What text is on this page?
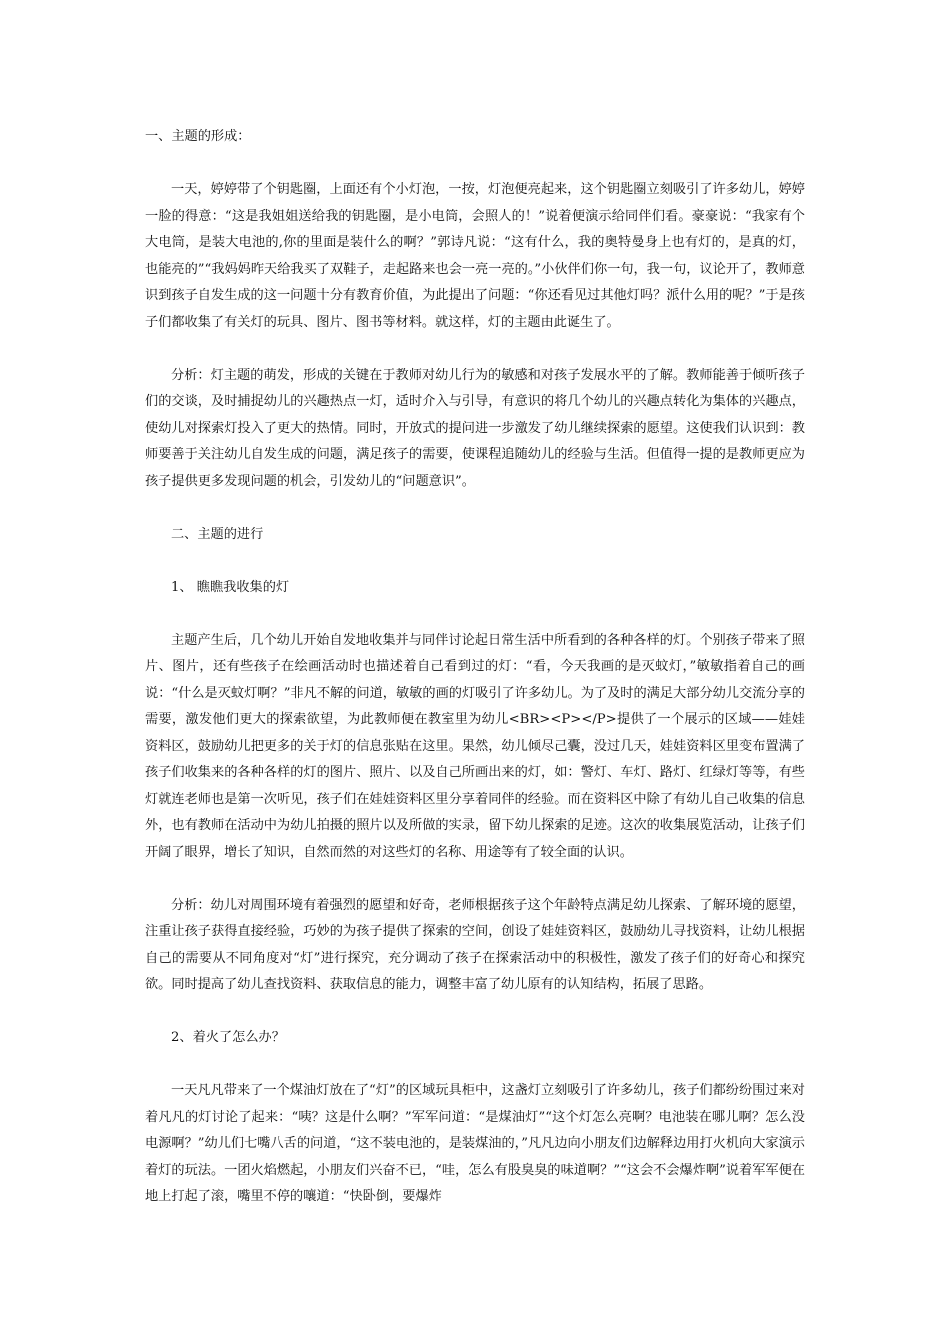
一、主题的形成：

一天，婷婷带了个钥匙圈，上面还有个小灯泡，一按，灯泡便亮起来，这个钥匙圈立刻吸引了许多幼儿，婷婷一脸的得意：“这是我姐姐送给我的钥匙圈，是小电筒，会照人的！”说着便演示给同伴们看。豪豪说：“我家有个大电筒，是装大电池的,你的里面是装什么的啊？”郭诗凡说：“这有什么，我的奥特曼身上也有灯的，是真的灯，也能亮的”“我妈妈昨天给我买了双鞋子，走起路来也会一亮一亮的。”小伙伴们你一句，我一句，议论开了，教师意识到孩子自发生成的这一问题十分有教育价值，为此提出了问题：“你还看见过其他灯吗？派什么用的呢？”于是孩子们都收集了有关灯的玩具、图片、图书等材料。就这样，灯的主题由此诞生了。

分析：灯主题的萌发，形成的关键在于教师对幼儿行为的敏感和对孩子发展水平的了解。教师能善于倾听孩子们的交谈，及时捕捉幼儿的兴趣热点一灯，适时介入与引导，有意识的将几个幼儿的兴趣点转化为集体的兴趣点，使幼儿对探索灯投入了更大的热情。同时，开放式的提问进一步激发了幼儿继续探索的愿望。这使我们认识到：教师要善于关注幼儿自发生成的问题，满足孩子的需要，使课程追随幼儿的经验与生活。但值得一提的是教师更应为孩子提供更多发现问题的机会，引发幼儿的“问题意识”。

二、主题的进行

1、 瞧瞧我收集的灯

主题产生后，几个幼儿开始自发地收集并与同伴讨论起日常生活中所看到的各种各样的灯。个别孩子带来了照片、图片，还有些孩子在绘画活动时也描述着自己看到过的灯：“看，今天我画的是灭蚊灯，”敏敏指着自己的画说：“什么是灭蚊灯啊？”非凡不解的问道，敏敏的画的灯吸引了许多幼儿。为了及时的满足大部分幼儿交流分享的需要，激发他们更大的探索欲望，为此教师便在教室里为幼儿<BR><P></P>提供了一个展示的区域——娃娃资料区，鼓励幼儿把更多的关于灯的信息张贴在这里。果然，幼儿倾尽己囊，没过几天，娃娃资料区里变布置满了孩子们收集来的各种各样的灯的图片、照片、以及自己所画出来的灯，如：警灯、车灯、路灯、红绿灯等等，有些灯就连老师也是第一次听见，孩子们在娃娃资料区里分享着同伴的经验。而在资料区中除了有幼儿自己收集的信息外，也有教师在活动中为幼儿拍摄的照片以及所做的实录，留下幼儿探索的足迹。这次的收集展览活动，让孩子们开阔了眼界，增长了知识，自然而然的对这些灯的名称、用途等有了较全面的认识。

分析：幼儿对周围环境有着强烈的愿望和好奇，老师根据孩子这个年龄特点满足幼儿探索、了解环境的愿望，注重让孩子获得直接经验，巧妙的为孩子提供了探索的空间，创设了娃娃资料区，鼓励幼儿寻找资料，让幼儿根据自己的需要从不同角度对“灯”进行探究，充分调动了孩子在探索活动中的积极性，激发了孩子们的好奇心和探究欲。同时提高了幼儿查找资料、获取信息的能力，调整丰富了幼儿原有的认知结构，拓展了思路。

2、着火了怎么办？

一天凡凡带来了一个煤油灯放在了“灯”的区域玩具柜中，这盏灯立刻吸引了许多幼儿，孩子们都纷纷围过来对着凡凡的灯讨论了起来：“咦？这是什么啊？”军军问道：“是煤油灯”“这个灯怎么亮啊？电池装在哪儿啊？怎么没电源啊？”幼儿们七嘴八舌的问道，“这不装电池的，是装煤油的，”凡凡边向小朋友们边解释边用打火机向大家演示着灯的玩法。一团火焰燃起，小朋友们兴奋不已，“哇，怎么有股臭臭的味道啊？”“这会不会爆炸啊”说着军军便在地上打起了滚，嘴里不停的嚷道：“快卧倒，要爆炸
